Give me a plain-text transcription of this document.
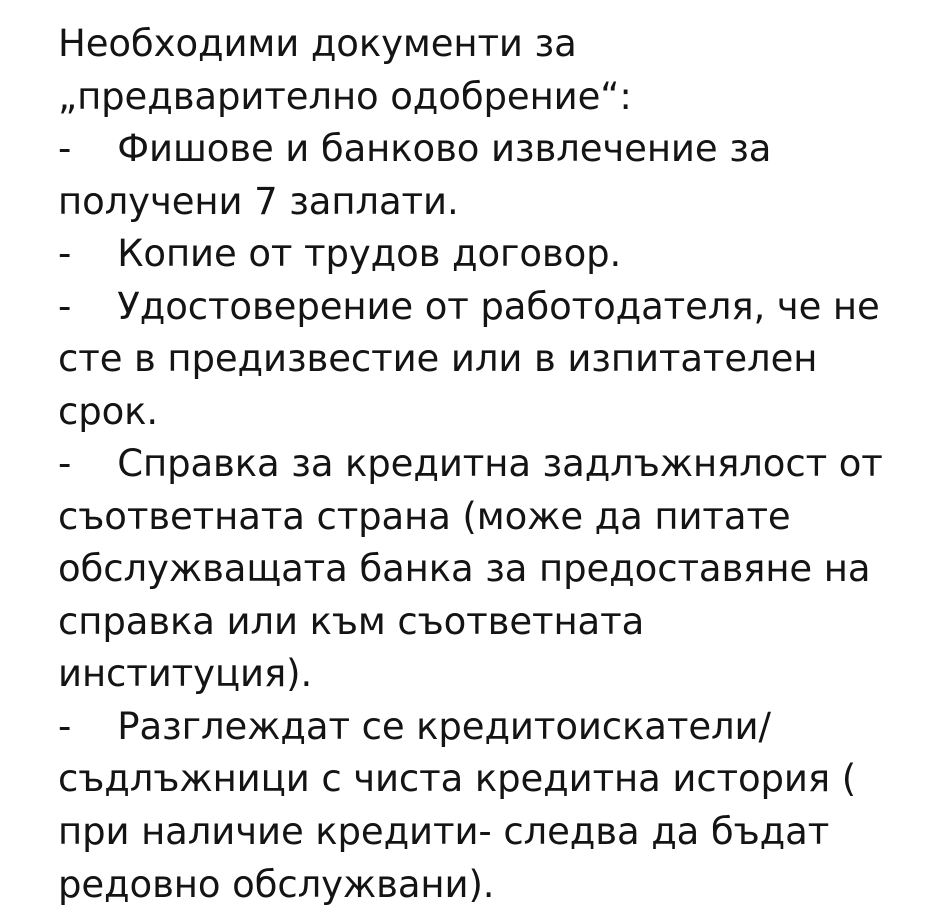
Необходими документи за „предварително одобрение“:

- Фишове и банково извлечение за получени 7 заплати.

- Копие от трудов договор.

- Удостоверение от работодателя, че не сте в предизвестие или в изпитателен срок.

- Справка за кредитна задлъжнялост от съответната страна (може да питате обслужващата банка за предоставяне на справка или към съответната институция).

- Разглеждат се кредитоискатели/ съдлъжници с чиста кредитна история ( при наличие кредити- следва да бъдат редовно обслужвани).
